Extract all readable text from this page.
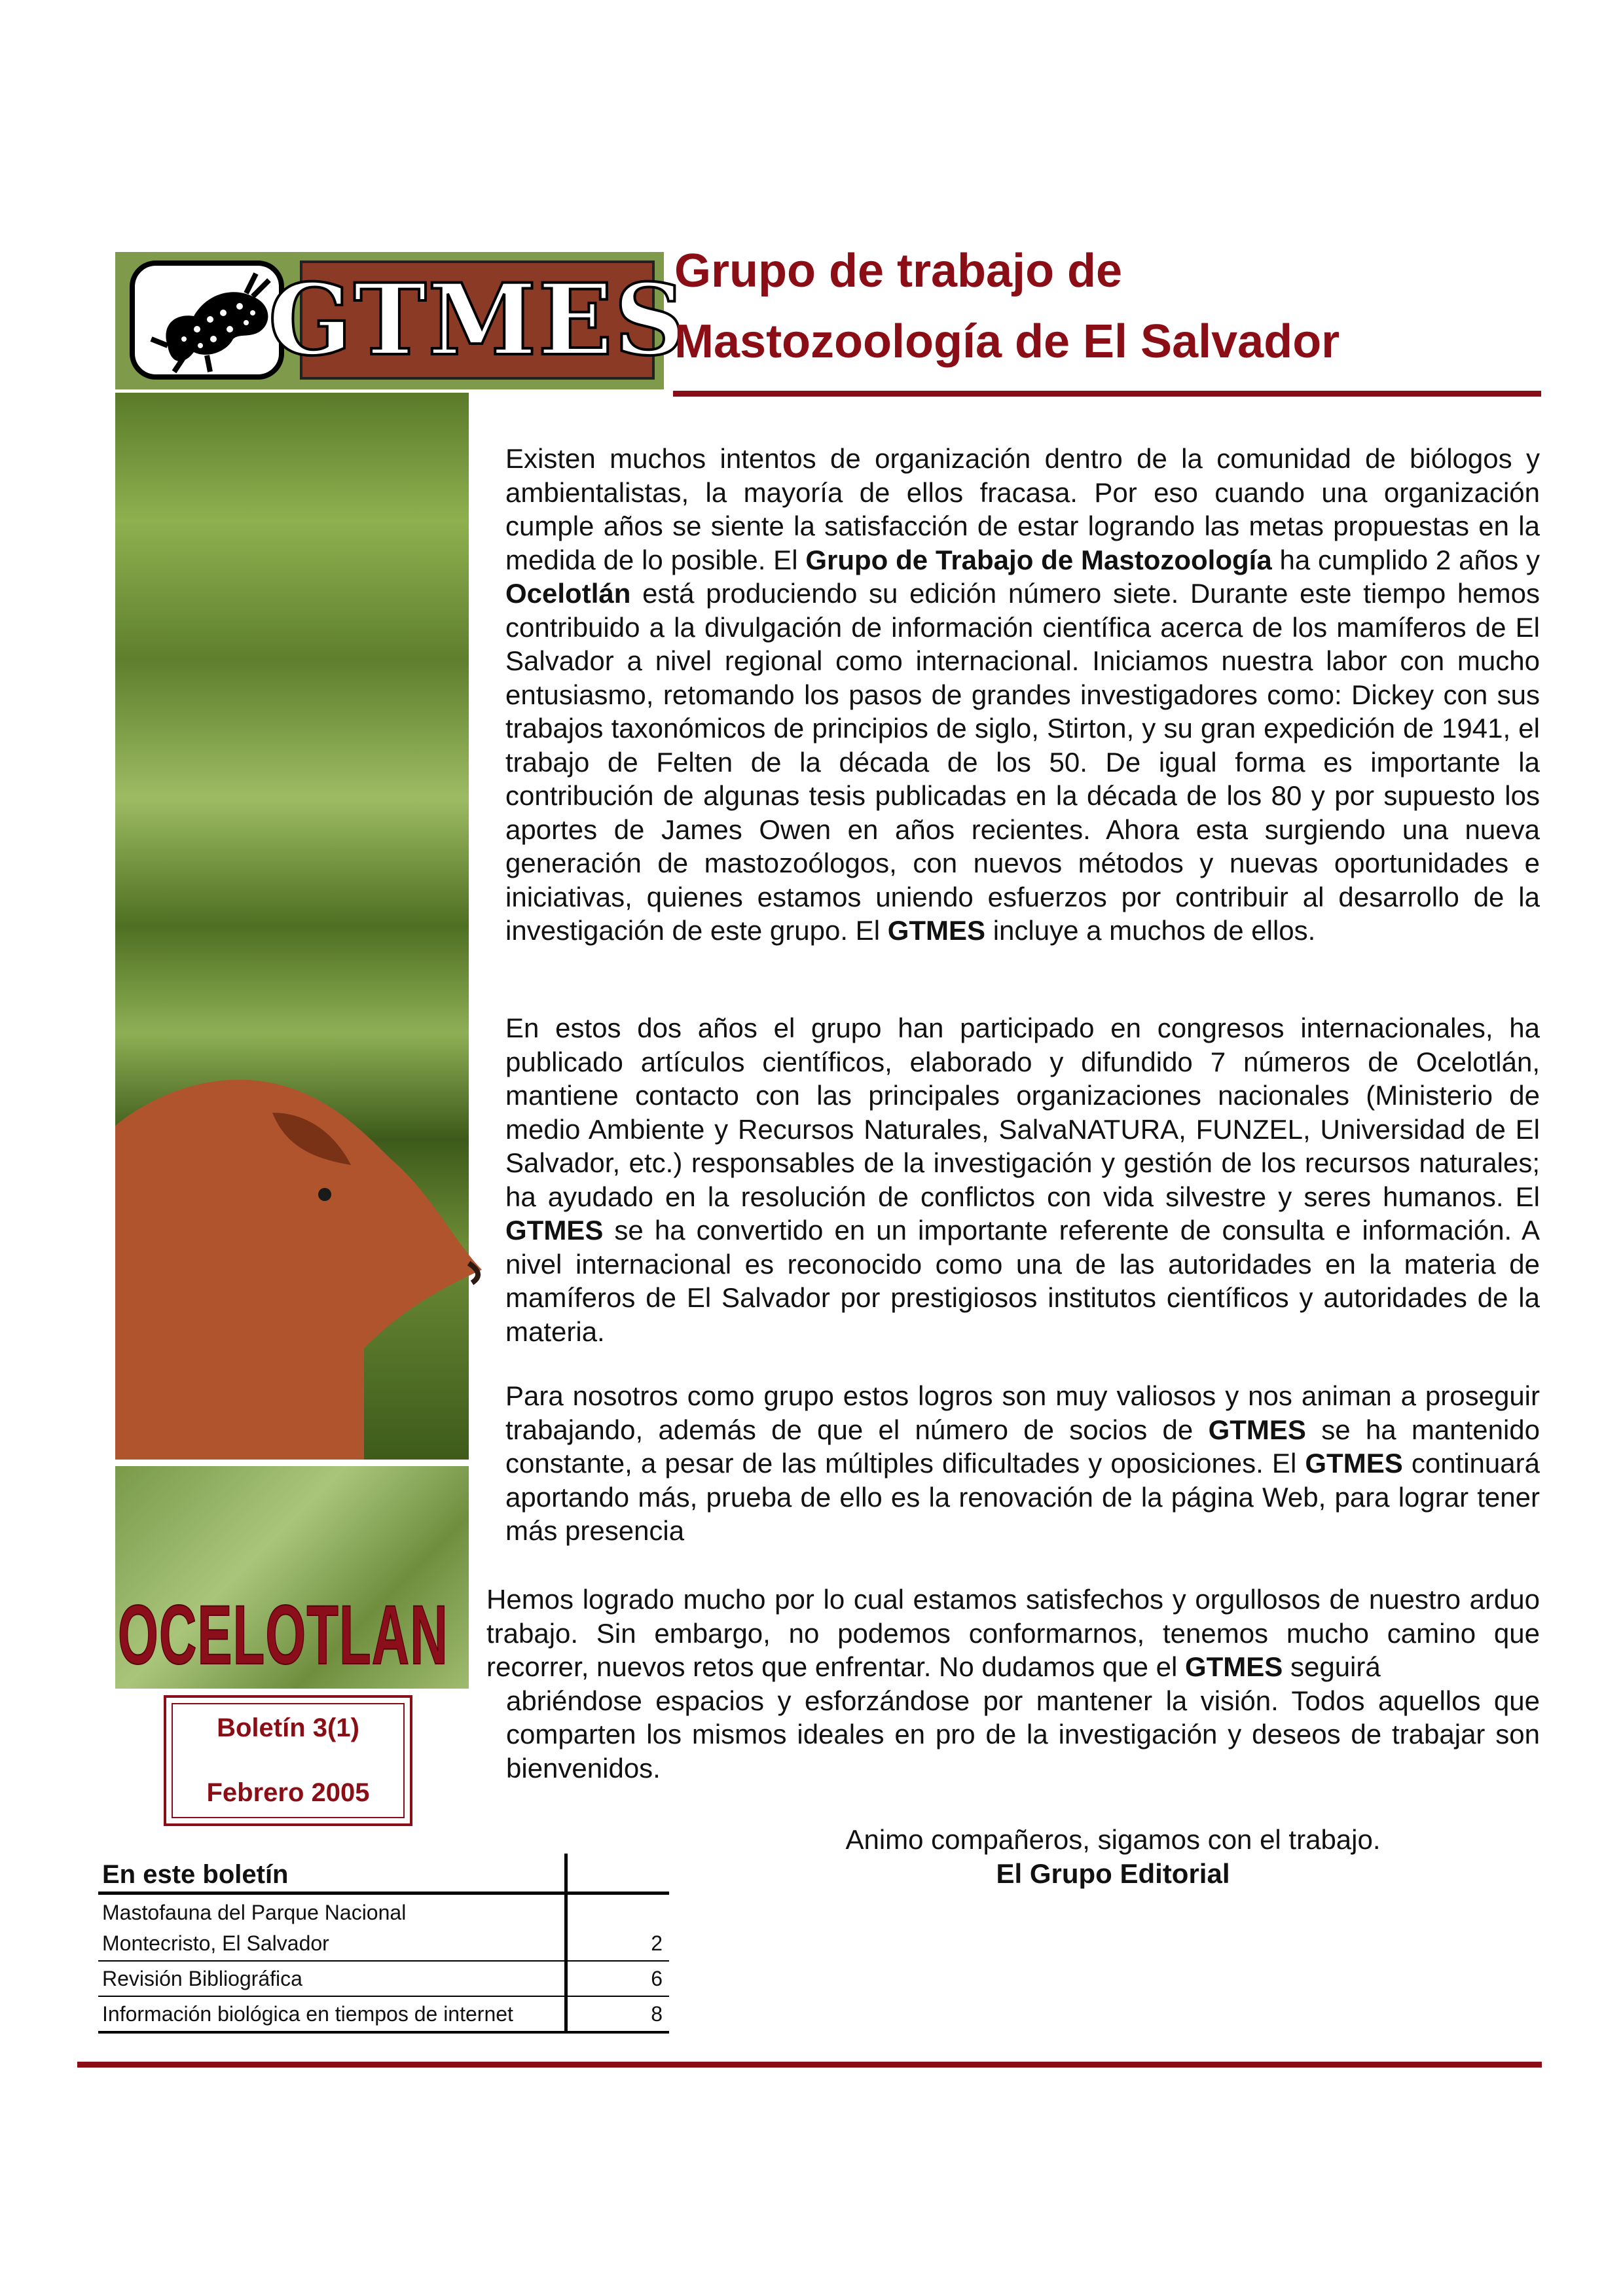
GTMES
OCELOTLAN
Boletín 3(1)
Febrero 2005
En este boletín
Mastofauna del Parque Nacional
Montecristo, El Salvador	2
Revisión Bibliográfica	6
Información biológica en tiempos de internet	8
Grupo de trabajo de
Mastozoología de El Salvador
Existen muchos intentos de organización dentro de la comunidad de biólogos y ambientalistas, la mayoría de ellos fracasa. Por eso cuando una organización cumple años se siente la satisfacción de estar logrando las metas propuestas en la medida de lo posible. El Grupo de Trabajo de Mastozoología ha cumplido 2 años y Ocelotlán está produciendo su edición número siete. Durante este tiempo hemos contribuido a la divulgación de información científica acerca de los mamíferos de El Salvador a nivel regional como internacional. Iniciamos nuestra labor con mucho entusiasmo, retomando los pasos de grandes investigadores como: Dickey con sus trabajos taxonómicos de principios de siglo, Stirton, y su gran expedición de 1941, el trabajo de Felten de la década de los 50. De igual forma es importante la contribución de algunas tesis publicadas en la década de los 80 y por supuesto los aportes de James Owen en años recientes. Ahora esta surgiendo una nueva generación de mastozoólogos, con nuevos métodos y nuevas oportunidades e iniciativas, quienes estamos uniendo esfuerzos por contribuir al desarrollo de la investigación de este grupo. El GTMES incluye a muchos de ellos.
En estos dos años el grupo han participado en congresos internacionales, ha publicado artículos científicos, elaborado y difundido 7 números de Ocelotlán, mantiene contacto con las principales organizaciones nacionales (Ministerio de medio Ambiente y Recursos Naturales, SalvaNATURA, FUNZEL, Universidad de El Salvador, etc.) responsables de la investigación y gestión de los recursos naturales; ha ayudado en la resolución de conflictos con vida silvestre y seres humanos. El GTMES se ha convertido en un importante referente de consulta e información. A nivel internacional es reconocido como una de las autoridades en la materia de mamíferos de El Salvador por prestigiosos institutos científicos y autoridades de la materia.
Para nosotros como grupo estos logros son muy valiosos y nos animan a proseguir trabajando, además de que el número de socios de GTMES se ha mantenido constante, a pesar de las múltiples dificultades y oposiciones. El GTMES continuará aportando más, prueba de ello es la renovación de la página Web, para lograr tener más presencia
Hemos logrado mucho por lo cual estamos satisfechos y orgullosos de nuestro arduo trabajo. Sin embargo, no podemos conformarnos, tenemos mucho camino que recorrer, nuevos retos que enfrentar. No dudamos que el GTMES seguirá
abriéndose espacios y esforzándose por mantener la visión. Todos aquellos que comparten los mismos ideales en pro de la investigación y deseos de trabajar son bienvenidos.
Animo compañeros, sigamos con el trabajo.
El Grupo Editorial
